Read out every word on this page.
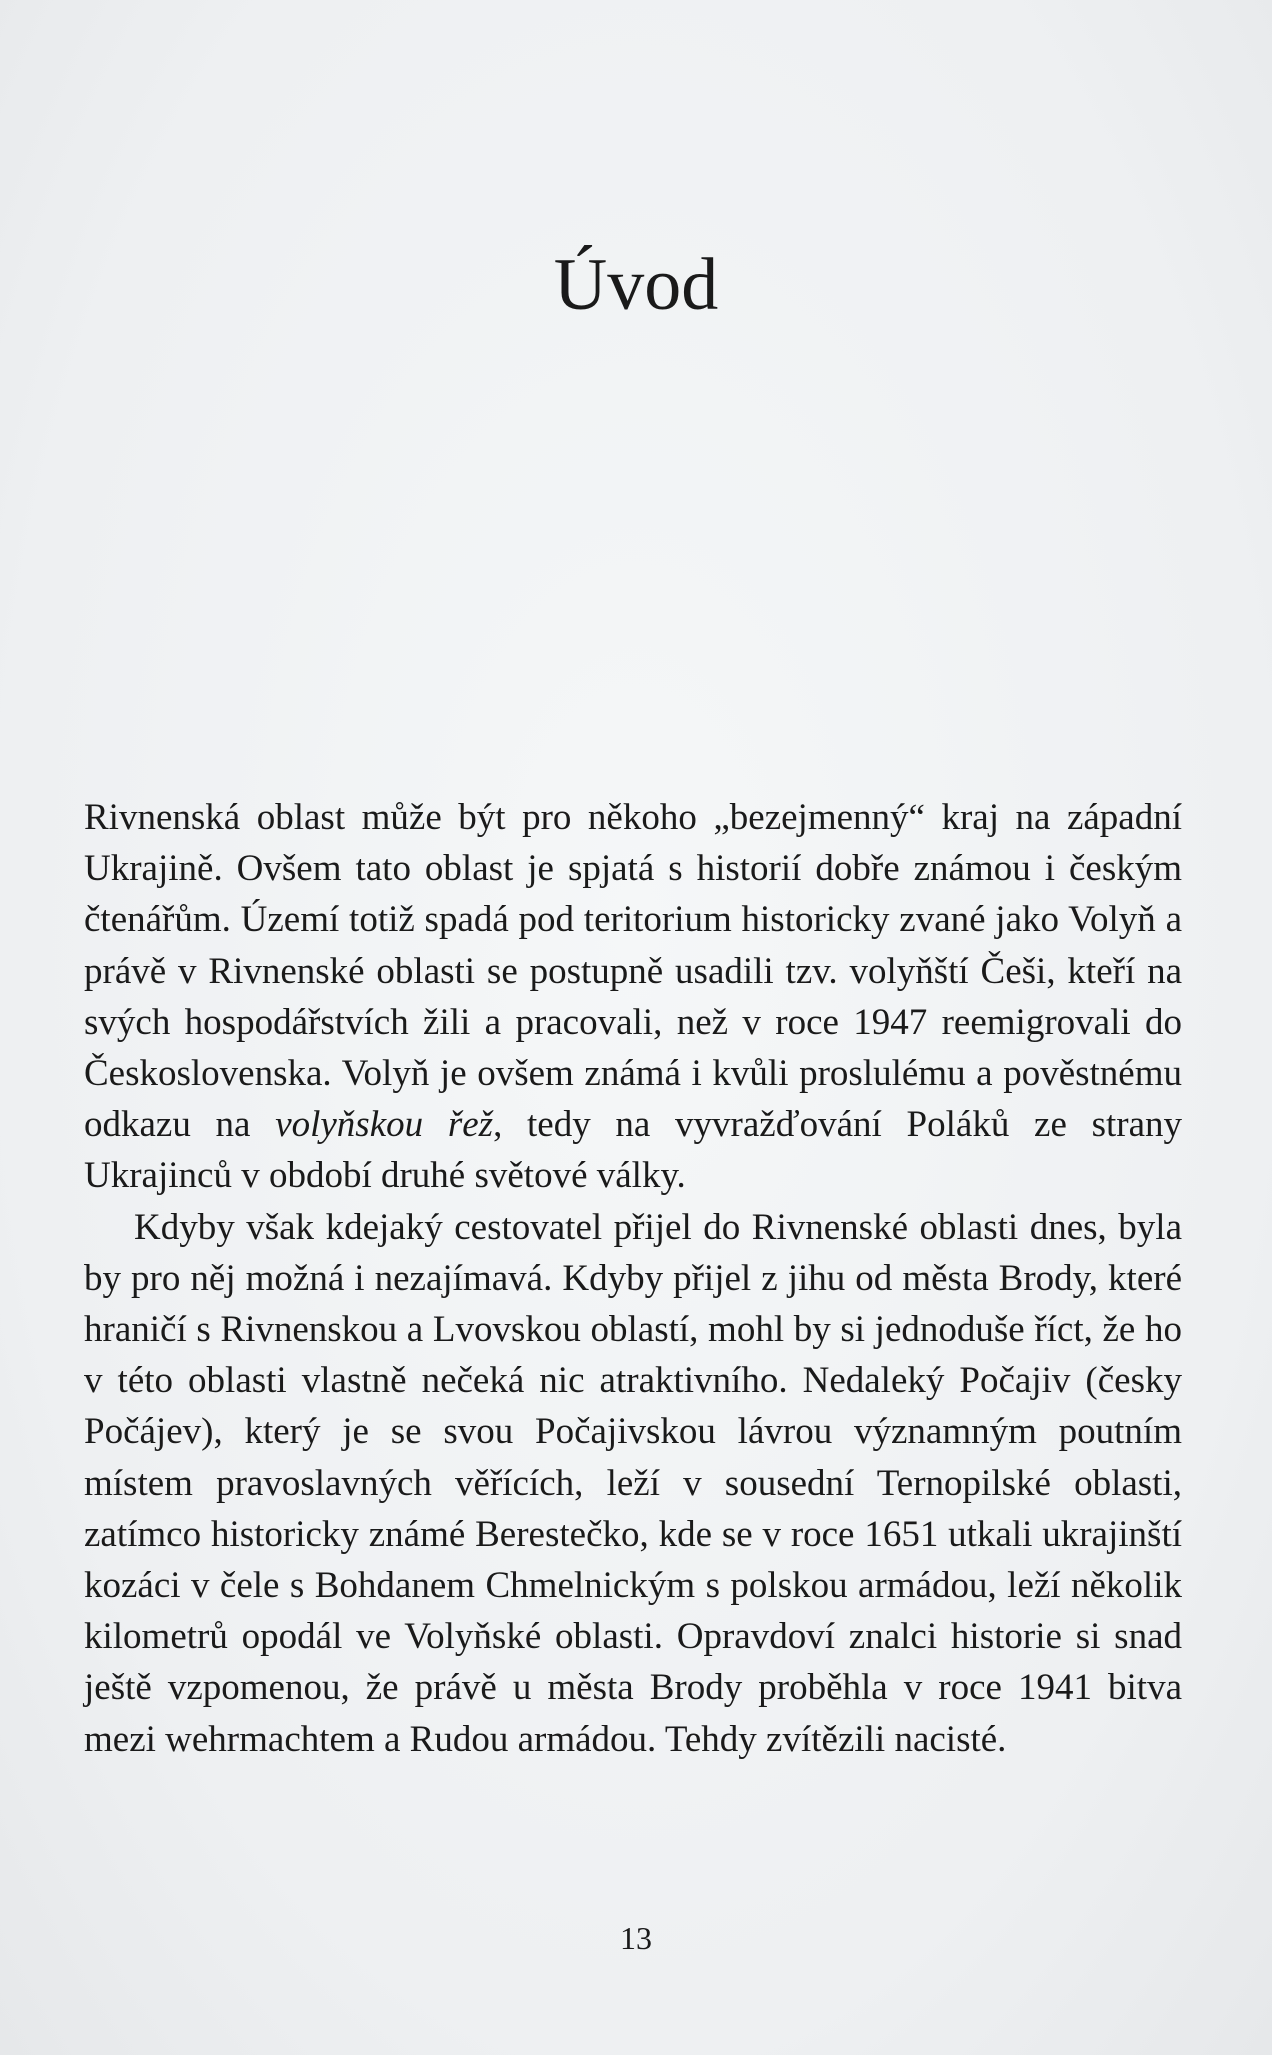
Úvod

Rivnenská oblast může být pro někoho „bezejmenný“ kraj na západní Ukrajině. Ovšem tato oblast je spjatá s historií dobře známou i českým čtenářům. Území totiž spadá pod teritorium historicky zvané jako Volyň a právě v Rivnenské oblasti se postupně usadili tzv. volyňští Češi, kteří na svých hospodářstvích žili a pracovali, než v roce 1947 reemigrovali do Československa. Volyň je ovšem známá i kvůli proslulému a pověstnému odkazu na volyňskou řež, tedy na vyvražďování Poláků ze strany Ukrajinců v období druhé světové války.

Kdyby však kdejaký cestovatel přijel do Rivnenské oblasti dnes, byla by pro něj možná i nezajímavá. Kdyby přijel z jihu od města Brody, které hraničí s Rivnenskou a Lvovskou oblastí, mohl by si jednoduše říct, že ho v této oblasti vlastně nečeká nic atraktivního. Nedaleký Počajiv (česky Počájev), který je se svou Počajivskou lávrou významným poutním místem pravoslavných věřících, leží v sousední Ternopilské oblasti, zatímco historicky známé Berestečko, kde se v roce 1651 utkali ukrajinští kozáci v čele s Bohdanem Chmelnickým s polskou armádou, leží několik kilometrů opodál ve Volyňské oblasti. Opravdoví znalci historie si snad ještě vzpomenou, že právě u města Brody proběhla v roce 1941 bitva mezi wehrmachtem a Rudou armádou. Tehdy zvítězili nacisté.

13
